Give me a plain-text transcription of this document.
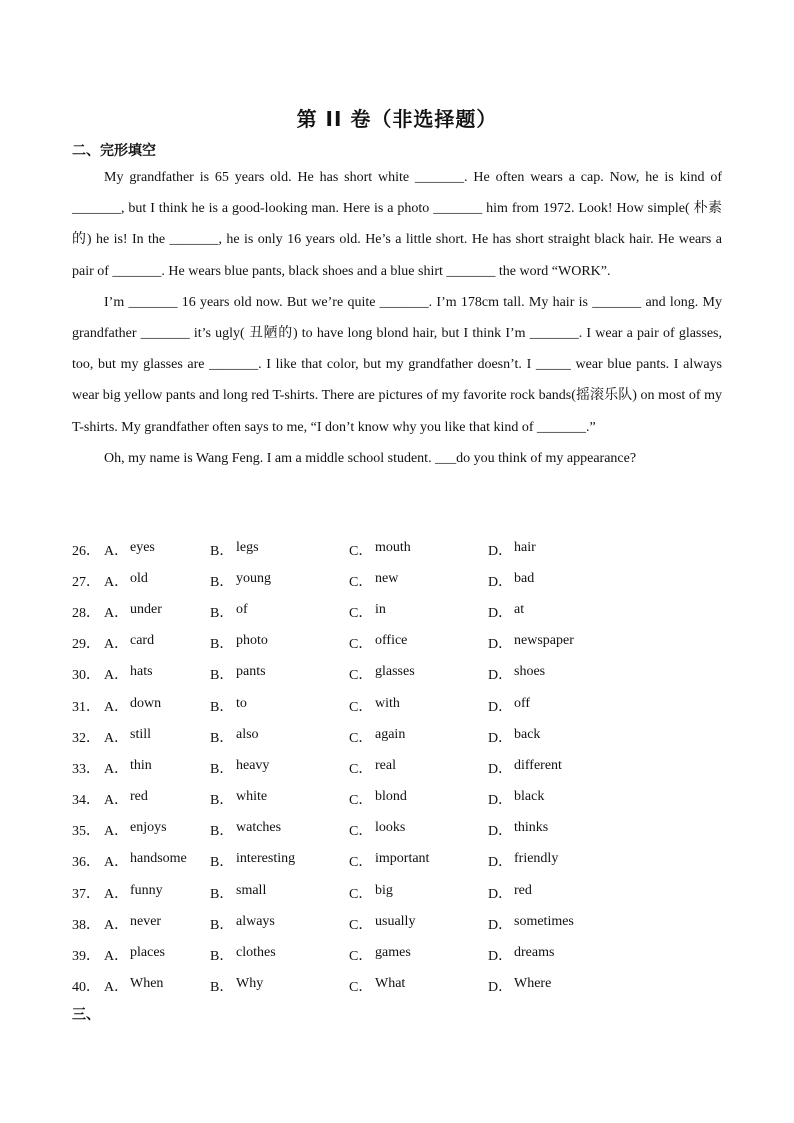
第 II 卷（非选择题）
二、完形填空

My grandfather is 65 years old. He has short white _______. He often wears a cap. Now, he is kind of _______, but I think he is a good-looking man. Here is a photo _______ him from 1972. Look! How simple( 朴素的) he is! In the _______, he is only 16 years old. He’s a little short. He has short straight black hair. He wears a pair of _______. He wears blue pants, black shoes and a blue shirt _______ the word “WORK”.

I’m _______ 16 years old now. But we’re quite _______. I’m 178cm tall. My hair is _______ and long. My grandfather _______ it’s ugly( 丑陋的) to have long blond hair, but I think I’m _______. I wear a pair of glasses, too, but my glasses are _______. I like that color, but my grandfather doesn’t. I _____ wear blue pants. I always wear big yellow pants and long red T-shirts. There are pictures of my favorite rock bands(摇滚乐队) on most of my T-shirts. My grandfather often says to me, “I don’t know why you like that kind of _______.”

Oh, my name is Wang Feng. I am a middle school student. ___do you think of my appearance?

26． A． eyes	B． legs	C． mouth	D． hair
27． A． old	B． young	C． new	D． bad
28． A． under	B． of	C． in	D． at
29． A． card	B． photo	C． office	D． newspaper
30． A． hats	B． pants	C． glasses	D． shoes
31． A． down	B． to	C． with	D． off
32． A． still	B． also	C． again	D． back
33． A． thin	B． heavy	C． real	D． different
34． A． red	B． white	C． blond	D． black
35． A． enjoys	B． watches	C． looks	D． thinks
36． A． handsome B． interesting	C． important	D． friendly
37． A． funny	B． small	C． big	D． red
38． A． never	B． always	C． usually	D． sometimes
39． A． places	B． clothes	C． games	D． dreams
40． A． When	B． Why	C． What	D． Where
三、
